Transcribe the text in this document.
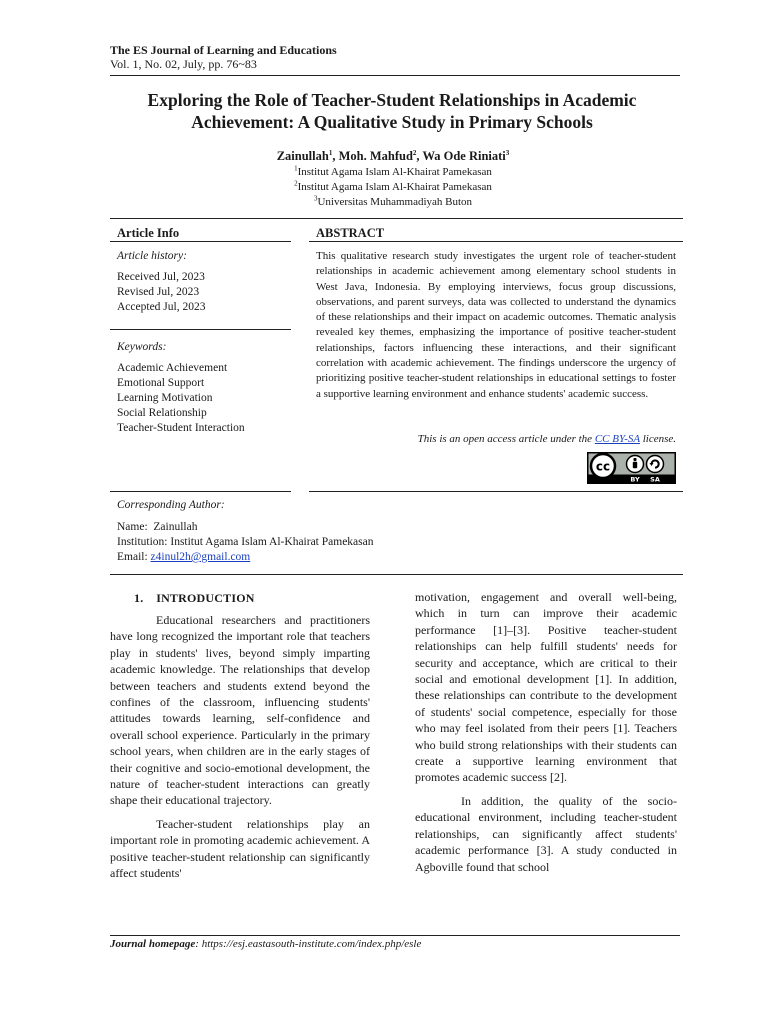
The ES Journal of Learning and Educations
Vol. 1, No. 02, July, pp. 76~83
Exploring the Role of Teacher-Student Relationships in Academic
Achievement: A Qualitative Study in Primary Schools
Zainullah$^1$, Moh. Mahfud$^2$, Wa Ode Riniati$^3$
$^1$Institut Agama Islam Al-Khairat Pamekasan
$^2$Institut Agama Islam Al-Khairat Pamekasan
$^3$Universitas Muhammadiyah Buton
Article Info
Article history:
Received Jul, 2023
Revised Jul, 2023
Accepted Jul, 2023
Keywords:
Academic Achievement
Emotional Support
Learning Motivation
Social Relationship
Teacher-Student Interaction
ABSTRACT
This qualitative research study investigates the urgent role of teacher-student relationships in academic achievement among elementary school students in West Java, Indonesia. By employing interviews, focus group discussions, observations, and parent surveys, data was collected to understand the dynamics of these relationships and their impact on academic outcomes. Thematic analysis revealed key themes, emphasizing the importance of positive teacher-student relationships, factors influencing these interactions, and their significant correlation with academic achievement. The findings underscore the urgency of prioritizing positive teacher-student relationships in educational settings to foster a supportive learning environment and enhance students' academic success.
This is an open access article under the CC BY-SA license.
cc
BY SA
Corresponding Author:
Name: Zainullah
Institution: Institut Agama Islam Al-Khairat Pamekasan
Email: z4inul2h@gmail.com
1.    INTRODUCTION

Educational researchers and practitioners have long recognized the important role that teachers play in students' lives, beyond simply imparting academic knowledge. The relationships that develop between teachers and students extend beyond the confines of the classroom, influencing students' attitudes towards learning, self-confidence and overall school experience. Particularly in the primary school years, when children are in the early stages of their cognitive and socio-emotional development, the nature of teacher-student interactions can greatly shape their educational trajectory.

Teacher-student relationships play an important role in promoting academic achievement. A positive teacher-student relationship can significantly affect students'

motivation, engagement and overall well-being, which in turn can improve their academic performance [1]–[3]. Positive teacher-student relationships can help fulfill students' needs for security and acceptance, which are critical to their social and emotional development [1]. In addition, these relationships can contribute to the development of students' social competence, especially for those who may feel isolated from their peers [1]. Teachers who build strong relationships with their students can create a supportive learning environment that promotes academic success [2].

In addition, the quality of the socio-educational environment, including teacher-student relationships, can significantly affect students' academic performance [3]. A study conducted in Agboville found that school

Journal homepage: https://esj.eastasouth-institute.com/index.php/esle
